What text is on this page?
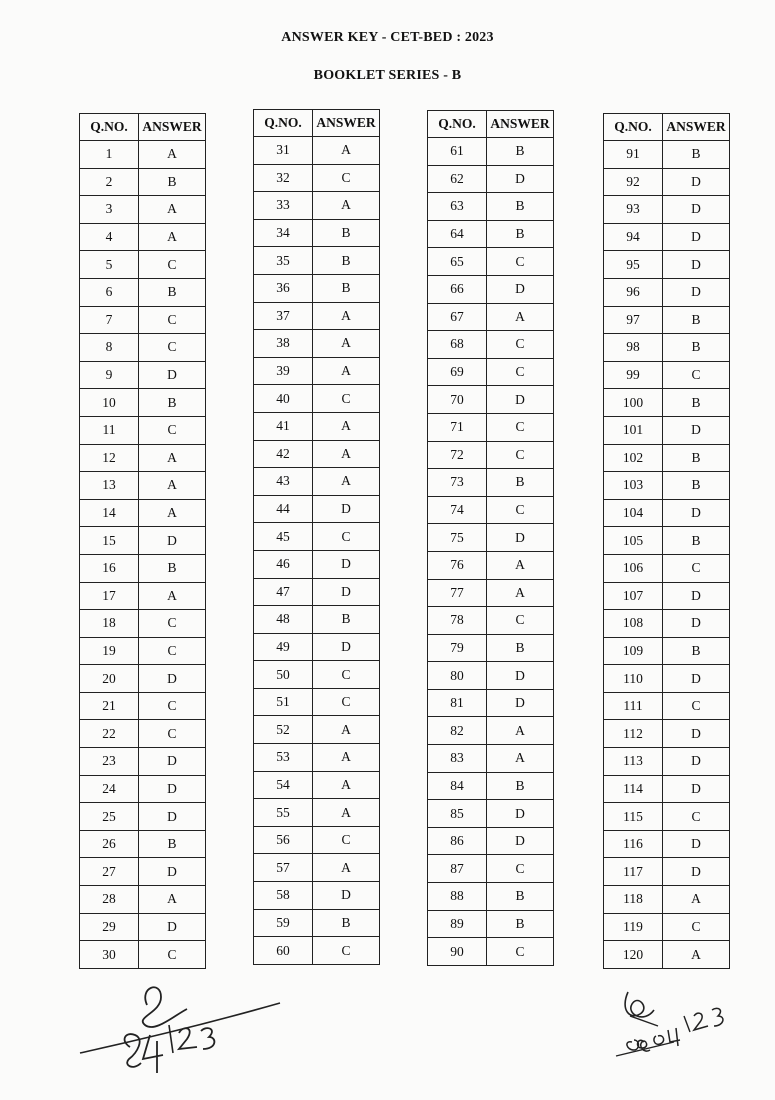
ANSWER KEY - CET-BED : 2023
BOOKLET SERIES - B
Q.NO.	ANSWER
1	A
2	B
3	A
4	A
5	C
6	B
7	C
8	C
9	D
10	B
11	C
12	A
13	A
14	A
15	D
16	B
17	A
18	C
19	C
20	D
21	C
22	C
23	D
24	D
25	D
26	B
27	D
28	A
29	D
30	C
Q.NO.	ANSWER
31	A
32	C
33	A
34	B
35	B
36	B
37	A
38	A
39	A
40	C
41	A
42	A
43	A
44	D
45	C
46	D
47	D
48	B
49	D
50	C
51	C
52	A
53	A
54	A
55	A
56	C
57	A
58	D
59	B
60	C
Q.NO.	ANSWER
61	B
62	D
63	B
64	B
65	C
66	D
67	A
68	C
69	C
70	D
71	C
72	C
73	B
74	C
75	D
76	A
77	A
78	C
79	B
80	D
81	D
82	A
83	A
84	B
85	D
86	D
87	C
88	B
89	B
90	C
Q.NO.	ANSWER
91	B
92	D
93	D
94	D
95	D
96	D
97	B
98	B
99	C
100	B
101	D
102	B
103	B
104	D
105	B
106	C
107	D
108	D
109	B
110	D
111	C
112	D
113	D
114	D
115	C
116	D
117	D
118	A
119	C
120	A
